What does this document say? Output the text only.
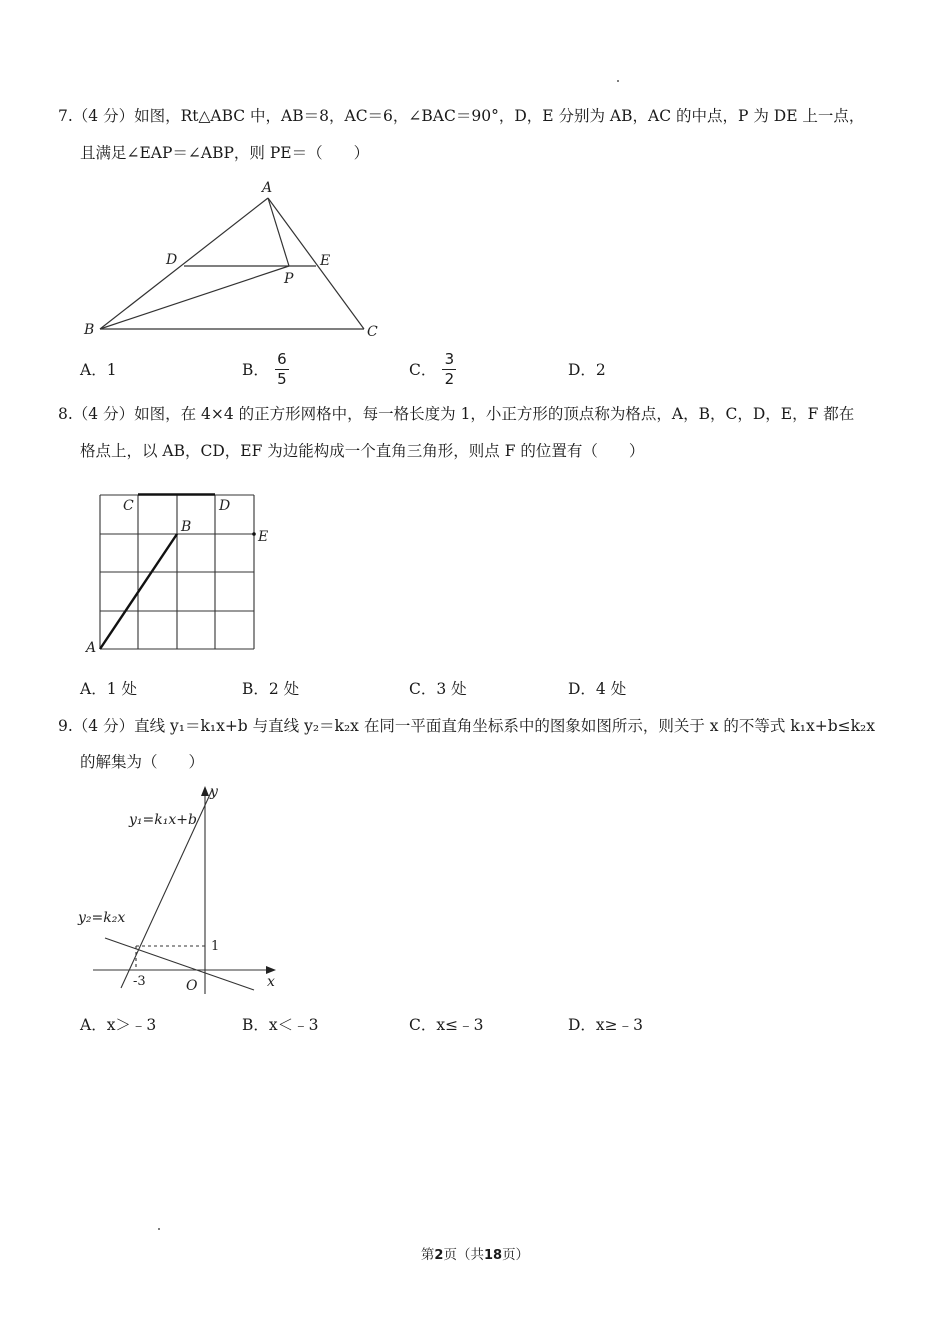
7.（4 分）如图，Rt△ABC 中，AB＝8，AC＝6，∠BAC＝90°，D，E 分别为 AB，AC 的中点，P 为 DE 上一点，
且满足∠EAP＝∠ABP，则 PE＝（　　）
A
B	C
D	E
P
A．1	B． $\frac{6}{5}$	C． $\frac{3}{2}$	D．2
8.（4 分）如图，在 4×4 的正方形网格中，每一格长度为 1，小正方形的顶点称为格点，A，B，C，D，E，F 都在
格点上，以 AB，CD，EF 为边能构成一个直角三角形，则点 F 的位置有（　　）
C	D
B
E
A
A．1 处	B．2 处	C．3 处	D．4 处
9.（4 分）直线 y₁＝k₁x+b 与直线 y₂＝k₂x 在同一平面直角坐标系中的图象如图所示，则关于 x 的不等式 k₁x+b≤k₂x
的解集为（　　）
y
x
O
-3
1
y₁=k₁x+b
y₂=k₂x
A．x＞﹣3	B．x＜﹣3	C．x≤﹣3	D．x≥﹣3
第2页（共18页）
